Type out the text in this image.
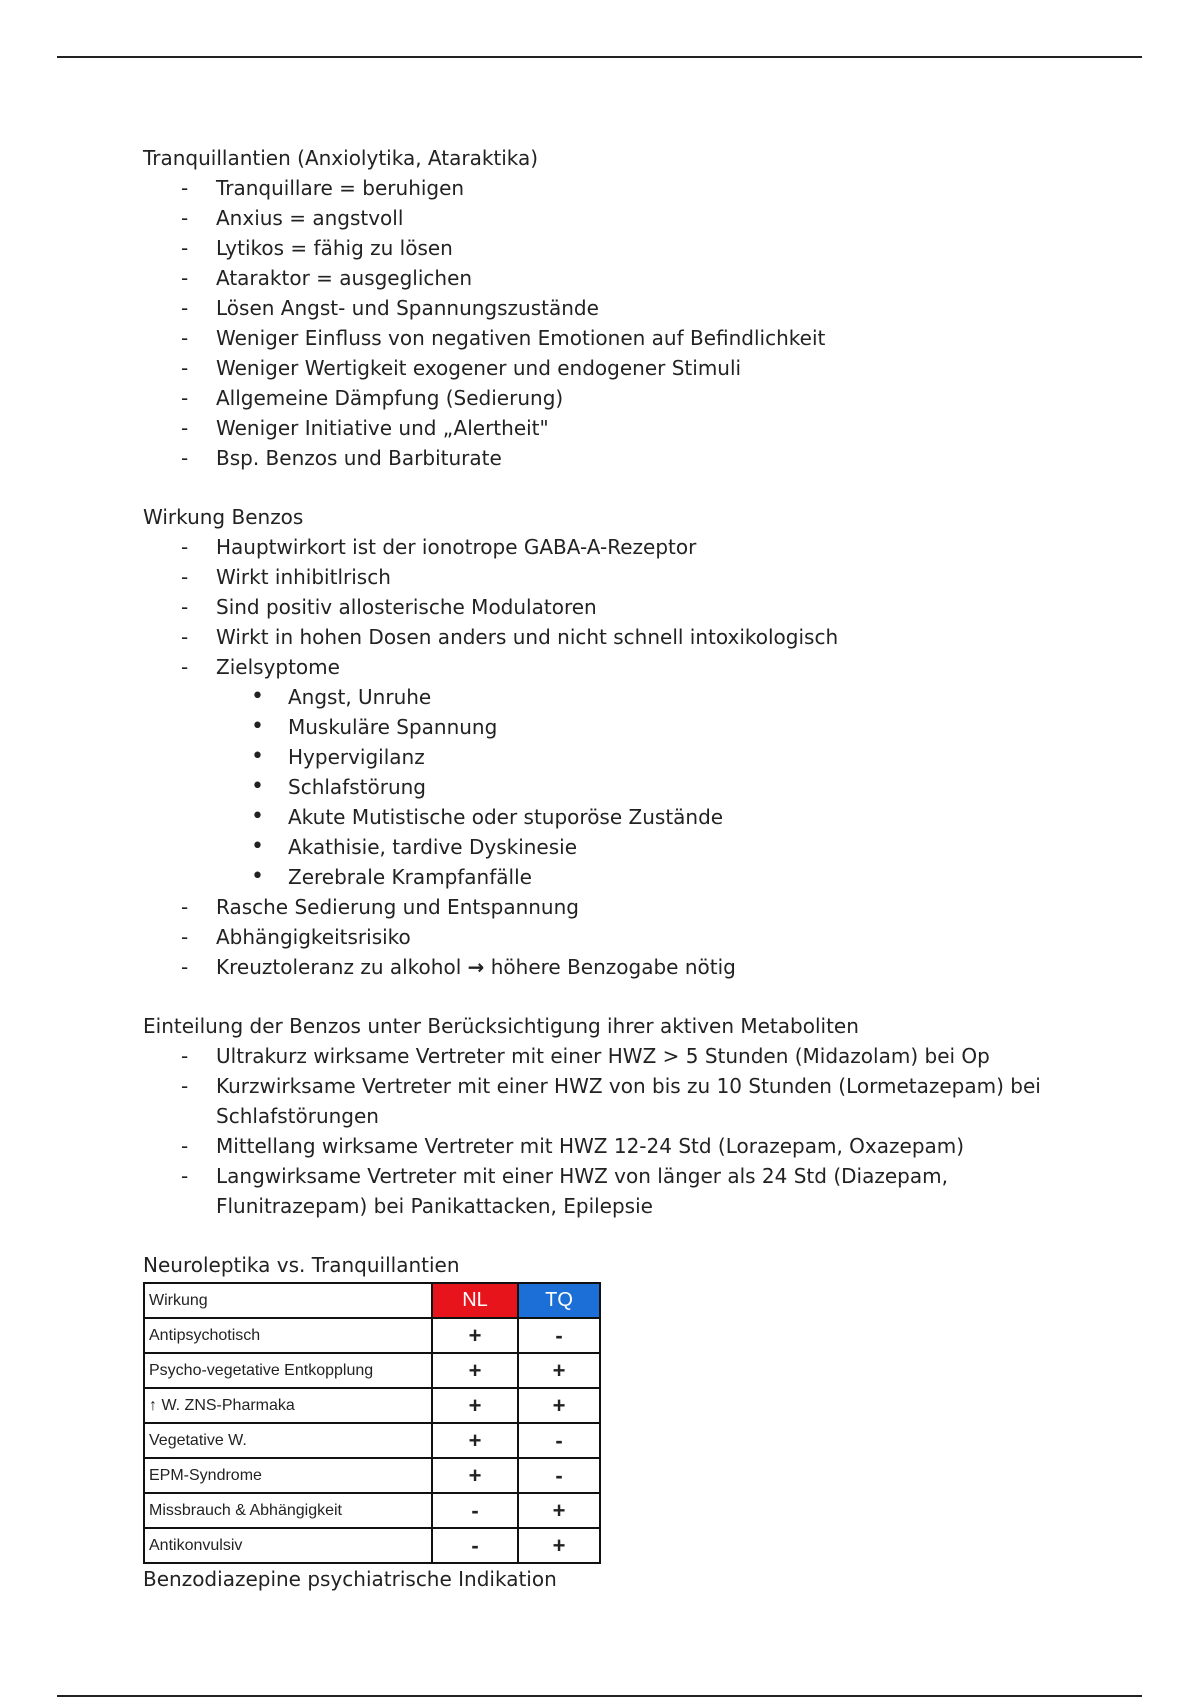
Tranquillantien (Anxiolytika, Ataraktika)
- Tranquillare = beruhigen
- Anxius = angstvoll
- Lytikos = fähig zu lösen
- Ataraktor = ausgeglichen
- Lösen Angst- und Spannungszustände
- Weniger Einfluss von negativen Emotionen auf Befindlichkeit
- Weniger Wertigkeit exogener und endogener Stimuli
- Allgemeine Dämpfung (Sedierung)
- Weniger Initiative und „Alertheit"
- Bsp. Benzos und Barbiturate
Wirkung Benzos
- Hauptwirkort ist der ionotrope GABA-A-Rezeptor
- Wirkt inhibitlrisch
- Sind positiv allosterische Modulatoren
- Wirkt in hohen Dosen anders und nicht schnell intoxikologisch
- Zielsyptome
• Angst, Unruhe
• Muskuläre Spannung
• Hypervigilanz
• Schlafstörung
• Akute Mutistische oder stuporöse Zustände
• Akathisie, tardive Dyskinesie
• Zerebrale Krampfanfälle
- Rasche Sedierung und Entspannung
- Abhängigkeitsrisiko
- Kreuztoleranz zu alkohol → höhere Benzogabe nötig
Einteilung der Benzos unter Berücksichtigung ihrer aktiven Metaboliten
- Ultrakurz wirksame Vertreter mit einer HWZ > 5 Stunden (Midazolam) bei Op
- Kurzwirksame Vertreter mit einer HWZ von bis zu 10 Stunden (Lormetazepam) bei
Schlafstörungen
- Mittellang wirksame Vertreter mit HWZ 12-24 Std (Lorazepam, Oxazepam)
- Langwirksame Vertreter mit einer HWZ von länger als 24 Std (Diazepam,
Flunitrazepam) bei Panikattacken, Epilepsie
Neuroleptika vs. Tranquillantien
Wirkung	NL	TQ
Antipsychotisch	+	-
Psycho-vegetative Entkopplung	+	+
↑ W. ZNS-Pharmaka	+	+
Vegetative W.	+	-
EPM-Syndrome	+	-
Missbrauch & Abhängigkeit	-	+
Antikonvulsiv	-	+
Benzodiazepine psychiatrische Indikation
